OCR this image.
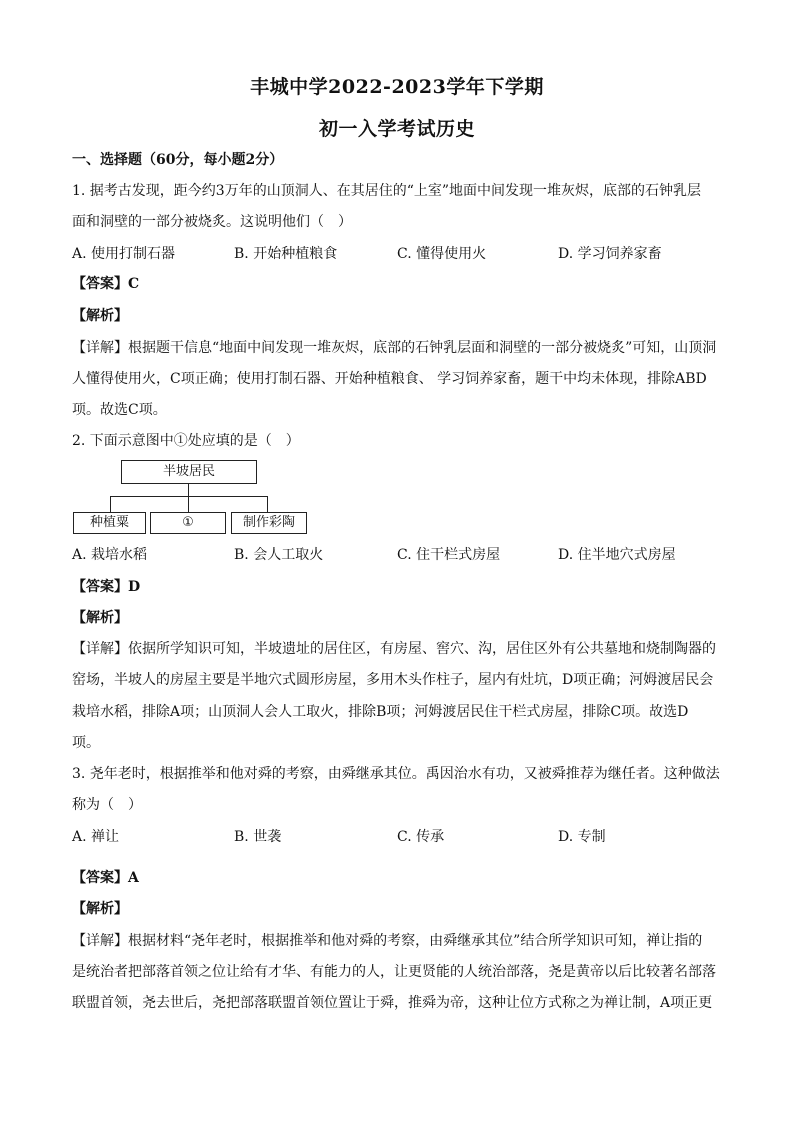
丰城中学2022-2023学年下学期
初一入学考试历史
一、选择题（60分，每小题2分）
1. 据考古发现，距今约3万年的山顶洞人、在其居住的“上室”地面中间发现一堆灰烬，底部的石钟乳层
面和洞壁的一部分被烧炙。这说明他们（　）
A. 使用打制石器	B. 开始种植粮食	C. 懂得使用火	D. 学习饲养家畜
【答案】C
【解析】
【详解】根据题干信息“地面中间发现一堆灰烬，底部的石钟乳层面和洞壁的一部分被烧炙”可知，山顶洞
人懂得使用火，C项正确；使用打制石器、开始种植粮食、 学习饲养家畜，题干中均未体现，排除ABD
项。故选C项。
2. 下面示意图中①处应填的是（　）
半坡居民
种植粟	①	制作彩陶
A. 栽培水稻	B. 会人工取火	C. 住干栏式房屋	D. 住半地穴式房屋
【答案】D
【解析】
【详解】依据所学知识可知，半坡遗址的居住区，有房屋、窖穴、沟，居住区外有公共墓地和烧制陶器的
窑场，半坡人的房屋主要是半地穴式圆形房屋，多用木头作柱子，屋内有灶坑，D项正确；河姆渡居民会
栽培水稻，排除A项；山顶洞人会人工取火，排除B项；河姆渡居民住干栏式房屋，排除C项。故选D
项。
3. 尧年老时，根据推举和他对舜的考察，由舜继承其位。禹因治水有功，又被舜推荐为继任者。这种做法
称为（　）
A. 禅让	B. 世袭	C. 传承	D. 专制
【答案】A
【解析】
【详解】根据材料“尧年老时，根据推举和他对舜的考察，由舜继承其位”结合所学知识可知，禅让指的
是统治者把部落首领之位让给有才华、有能力的人，让更贤能的人统治部落，尧是黄帝以后比较著名部落
联盟首领，尧去世后，尧把部落联盟首领位置让于舜，推舜为帝，这种让位方式称之为禅让制，A项正更
